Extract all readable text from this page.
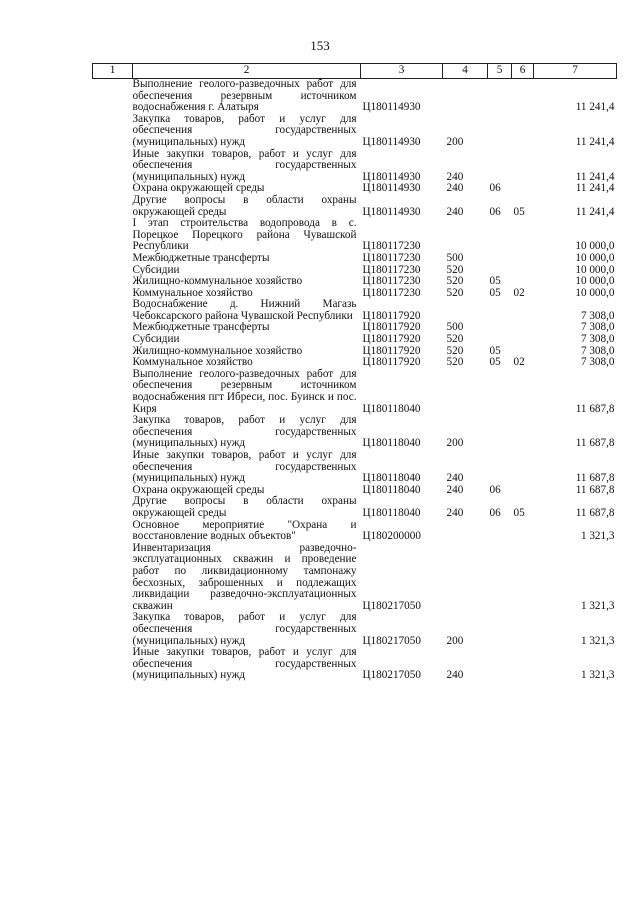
153
1	2	3	4	5	6	7
	Выполнение геолого-разведочных работ для обеспечения резервным источником водоснабжения г. Алатыря	Ц180114930				11 241,4
	Закупка товаров, работ и услуг для обеспечения государственных (муниципальных) нужд	Ц180114930	200			11 241,4
	Иные закупки товаров, работ и услуг для обеспечения государственных (муниципальных) нужд	Ц180114930	240			11 241,4
	Охрана окружающей среды	Ц180114930	240	06		11 241,4
	Другие вопросы в области охраны окружающей среды	Ц180114930	240	06	05	11 241,4
	I этап строительства водопровода в с. Порецкое Порецкого района Чувашской Республики	Ц180117230				10 000,0
	Межбюджетные трансферты	Ц180117230	500			10 000,0
	Субсидии	Ц180117230	520			10 000,0
	Жилищно-коммунальное хозяйство	Ц180117230	520	05		10 000,0
	Коммунальное хозяйство	Ц180117230	520	05	02	10 000,0
	Водоснабжение д. Нижний Магазь Чебоксарского района Чувашской Республики	Ц180117920				7 308,0
	Межбюджетные трансферты	Ц180117920	500			7 308,0
	Субсидии	Ц180117920	520			7 308,0
	Жилищно-коммунальное хозяйство	Ц180117920	520	05		7 308,0
	Коммунальное хозяйство	Ц180117920	520	05	02	7 308,0
	Выполнение геолого-разведочных работ для обеспечения резервным источником водоснабжения пгт Ибреси, пос. Буинск и пос. Киря	Ц180118040				11 687,8
	Закупка товаров, работ и услуг для обеспечения государственных (муниципальных) нужд	Ц180118040	200			11 687,8
	Иные закупки товаров, работ и услуг для обеспечения государственных (муниципальных) нужд	Ц180118040	240			11 687,8
	Охрана окружающей среды	Ц180118040	240	06		11 687,8
	Другие вопросы в области охраны окружающей среды	Ц180118040	240	06	05	11 687,8
	Основное мероприятие "Охрана и восстановление водных объектов"	Ц180200000				1 321,3
	Инвентаризация разведочно-эксплуатационных скважин и проведение работ по ликвидационному тампонажу бесхозных, заброшенных и подлежащих ликвидации разведочно-эксплуатационных скважин	Ц180217050				1 321,3
	Закупка товаров, работ и услуг для обеспечения государственных (муниципальных) нужд	Ц180217050	200			1 321,3
	Иные закупки товаров, работ и услуг для обеспечения государственных (муниципальных) нужд	Ц180217050	240			1 321,3
